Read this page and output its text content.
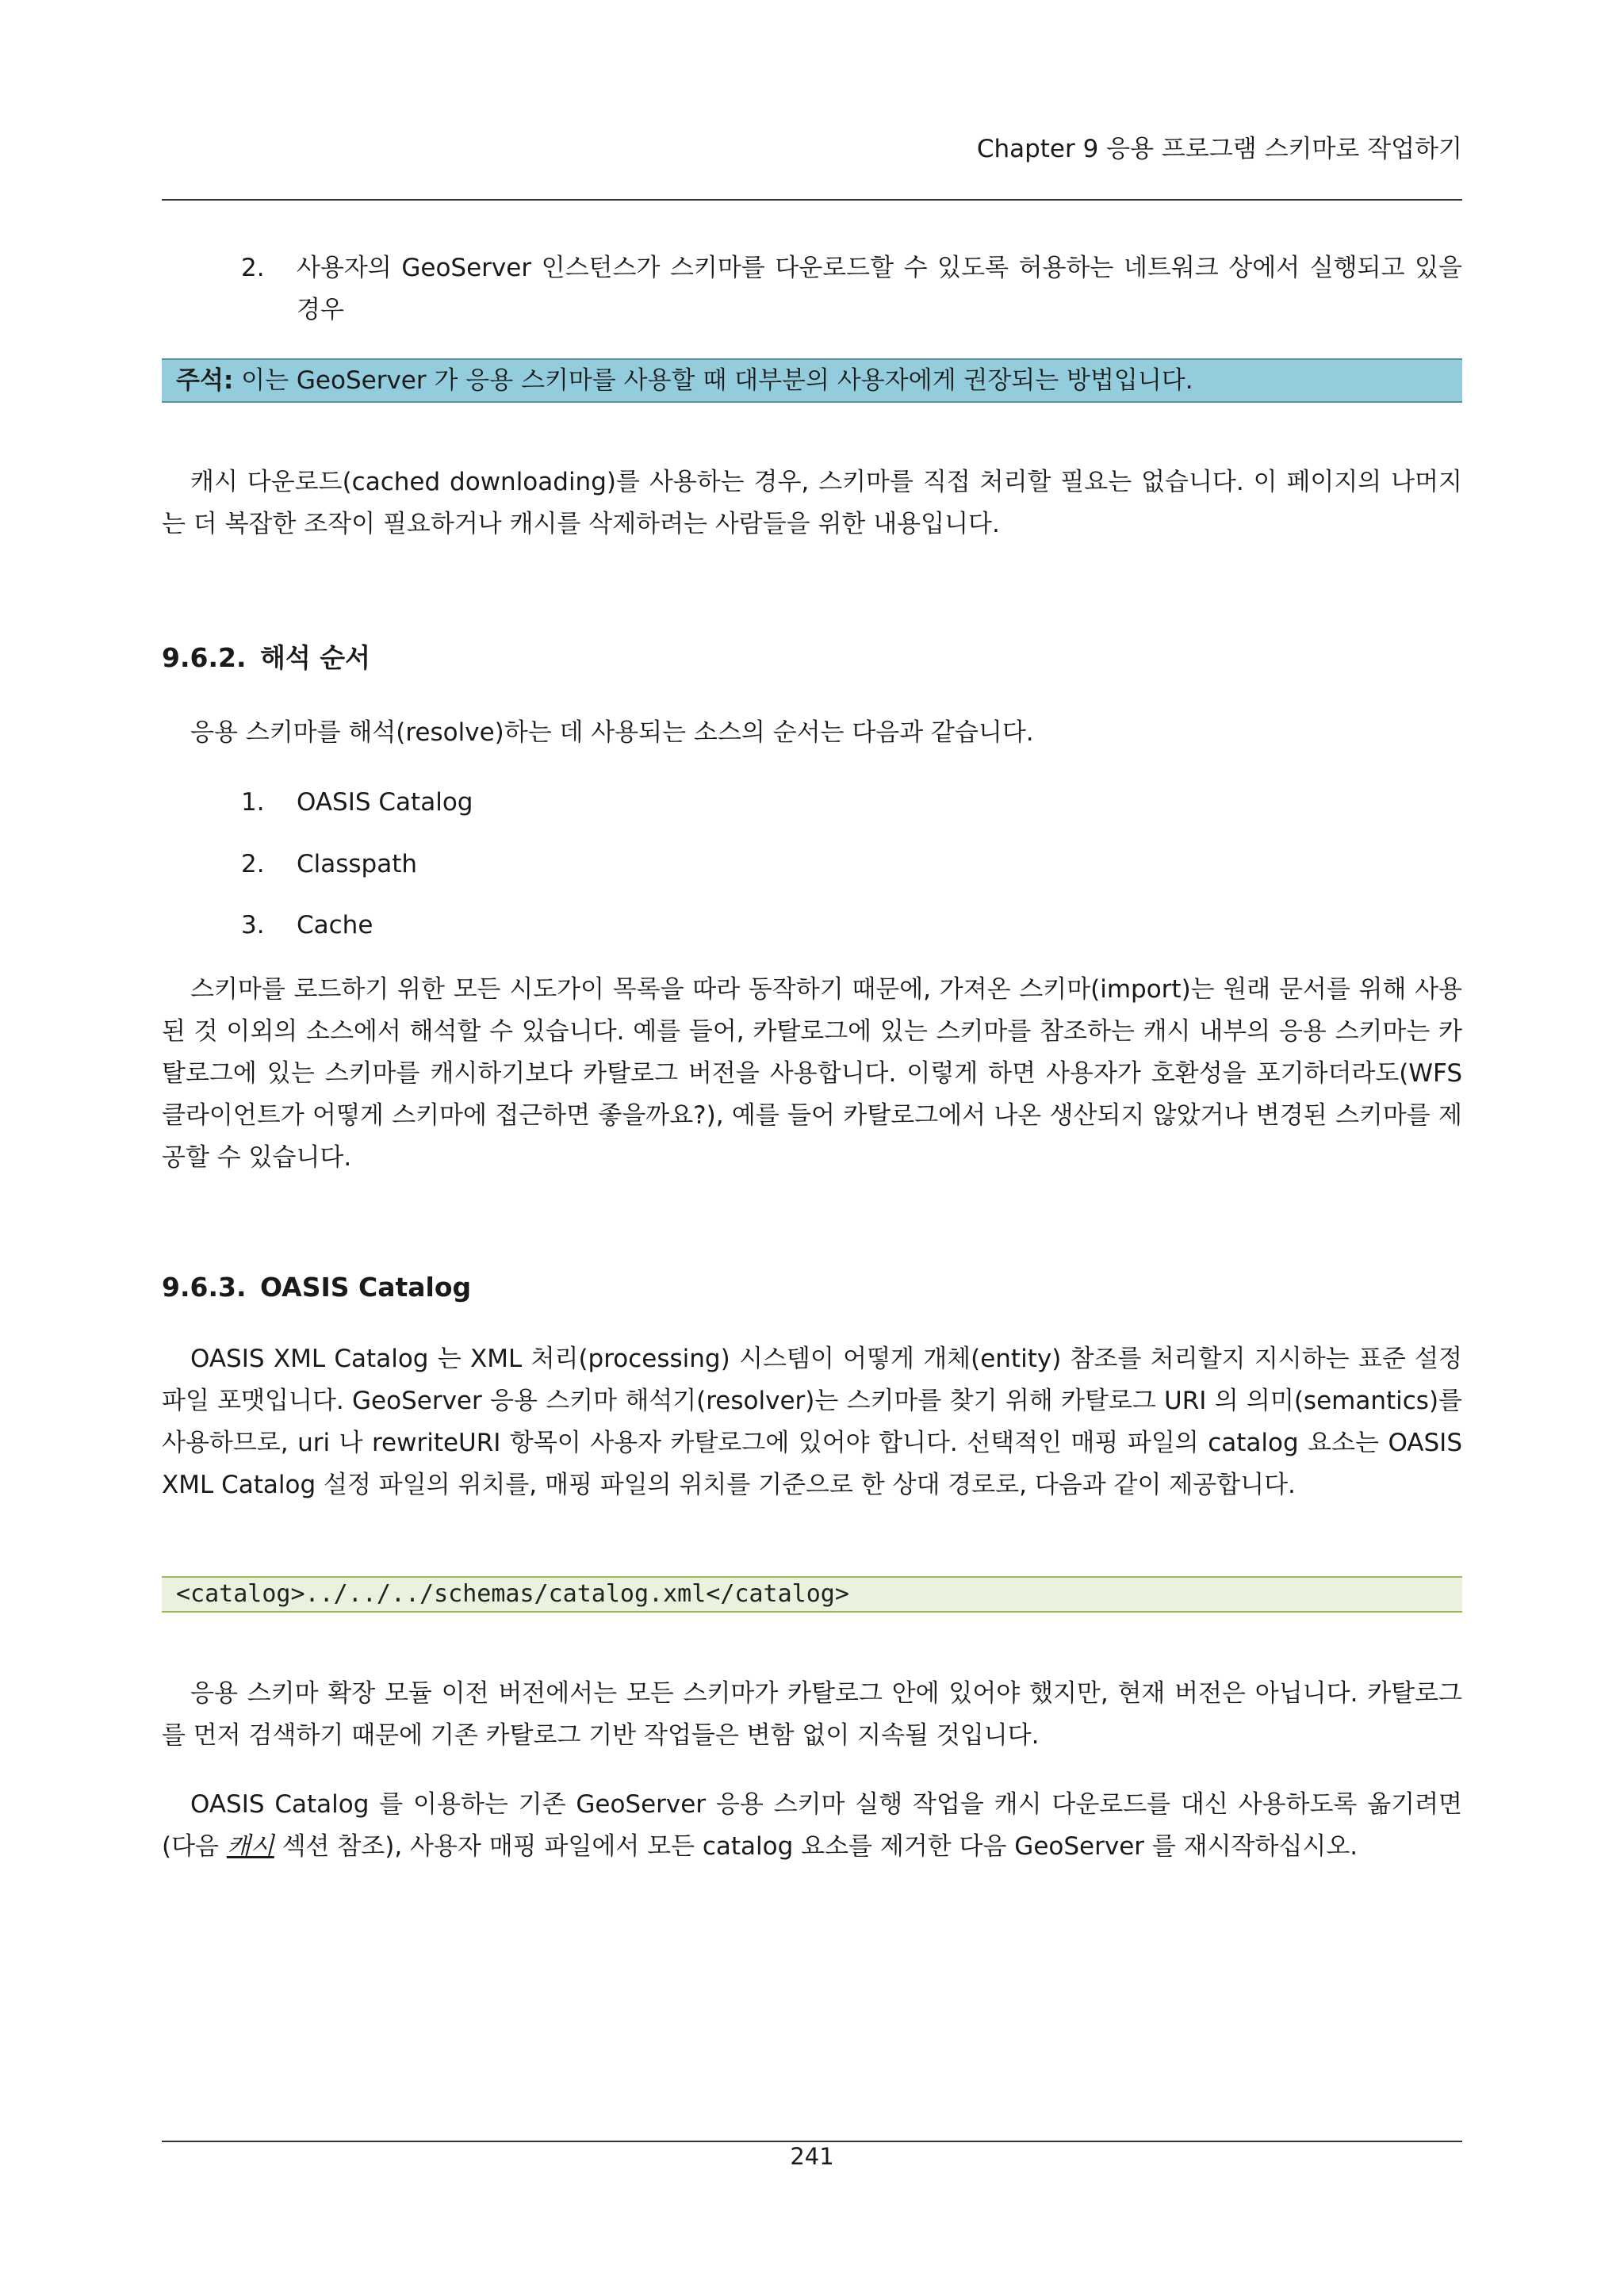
Chapter 9 응용 프로그램 스키마로 작업하기
2. 사용자의 GeoServer 인스턴스가 스키마를 다운로드할 수 있도록 허용하는 네트워크 상에서 실행되고 있을 경우
주석: 이는 GeoServer 가 응용 스키마를 사용할 때 대부분의 사용자에게 권장되는 방법입니다.

캐시 다운로드(cached downloading)를 사용하는 경우, 스키마를 직접 처리할 필요는 없습니다. 이 페이지의 나머지는 더 복잡한 조작이 필요하거나 캐시를 삭제하려는 사람들을 위한 내용입니다.

9.6.2. 해석 순서

응용 스키마를 해석(resolve)하는 데 사용되는 소스의 순서는 다음과 같습니다.

1. OASIS Catalog
2. Classpath
3. Cache

스키마를 로드하기 위한 모든 시도가이 목록을 따라 동작하기 때문에, 가져온 스키마(import)는 원래 문서를 위해 사용된 것 이외의 소스에서 해석할 수 있습니다. 예를 들어, 카탈로그에 있는 스키마를 참조하는 캐시 내부의 응용 스키마는 카탈로그에 있는 스키마를 캐시하기보다 카탈로그 버전을 사용합니다. 이렇게 하면 사용자가 호환성을 포기하더라도(WFS 클라이언트가 어떻게 스키마에 접근하면 좋을까요?), 예를 들어 카탈로그에서 나온 생산되지 않았거나 변경된 스키마를 제공할 수 있습니다.

9.6.3. OASIS Catalog

OASIS XML Catalog 는 XML 처리(processing) 시스템이 어떻게 개체(entity) 참조를 처리할지 지시하는 표준 설정 파일 포맷입니다. GeoServer 응용 스키마 해석기(resolver)는 스키마를 찾기 위해 카탈로그 URI 의 의미(semantics)를 사용하므로, uri 나 rewriteURI 항목이 사용자 카탈로그에 있어야 합니다. 선택적인 매핑 파일의 catalog 요소는 OASIS XML Catalog 설정 파일의 위치를, 매핑 파일의 위치를 기준으로 한 상대 경로로, 다음과 같이 제공합니다.

<catalog>../../../schemas/catalog.xml</catalog>

응용 스키마 확장 모듈 이전 버전에서는 모든 스키마가 카탈로그 안에 있어야 했지만, 현재 버전은 아닙니다. 카탈로그를 먼저 검색하기 때문에 기존 카탈로그 기반 작업들은 변함 없이 지속될 것입니다.

OASIS Catalog 를 이용하는 기존 GeoServer 응용 스키마 실행 작업을 캐시 다운로드를 대신 사용하도록 옮기려면(다음 캐시 섹션 참조), 사용자 매핑 파일에서 모든 catalog 요소를 제거한 다음 GeoServer 를 재시작하십시오.

241
